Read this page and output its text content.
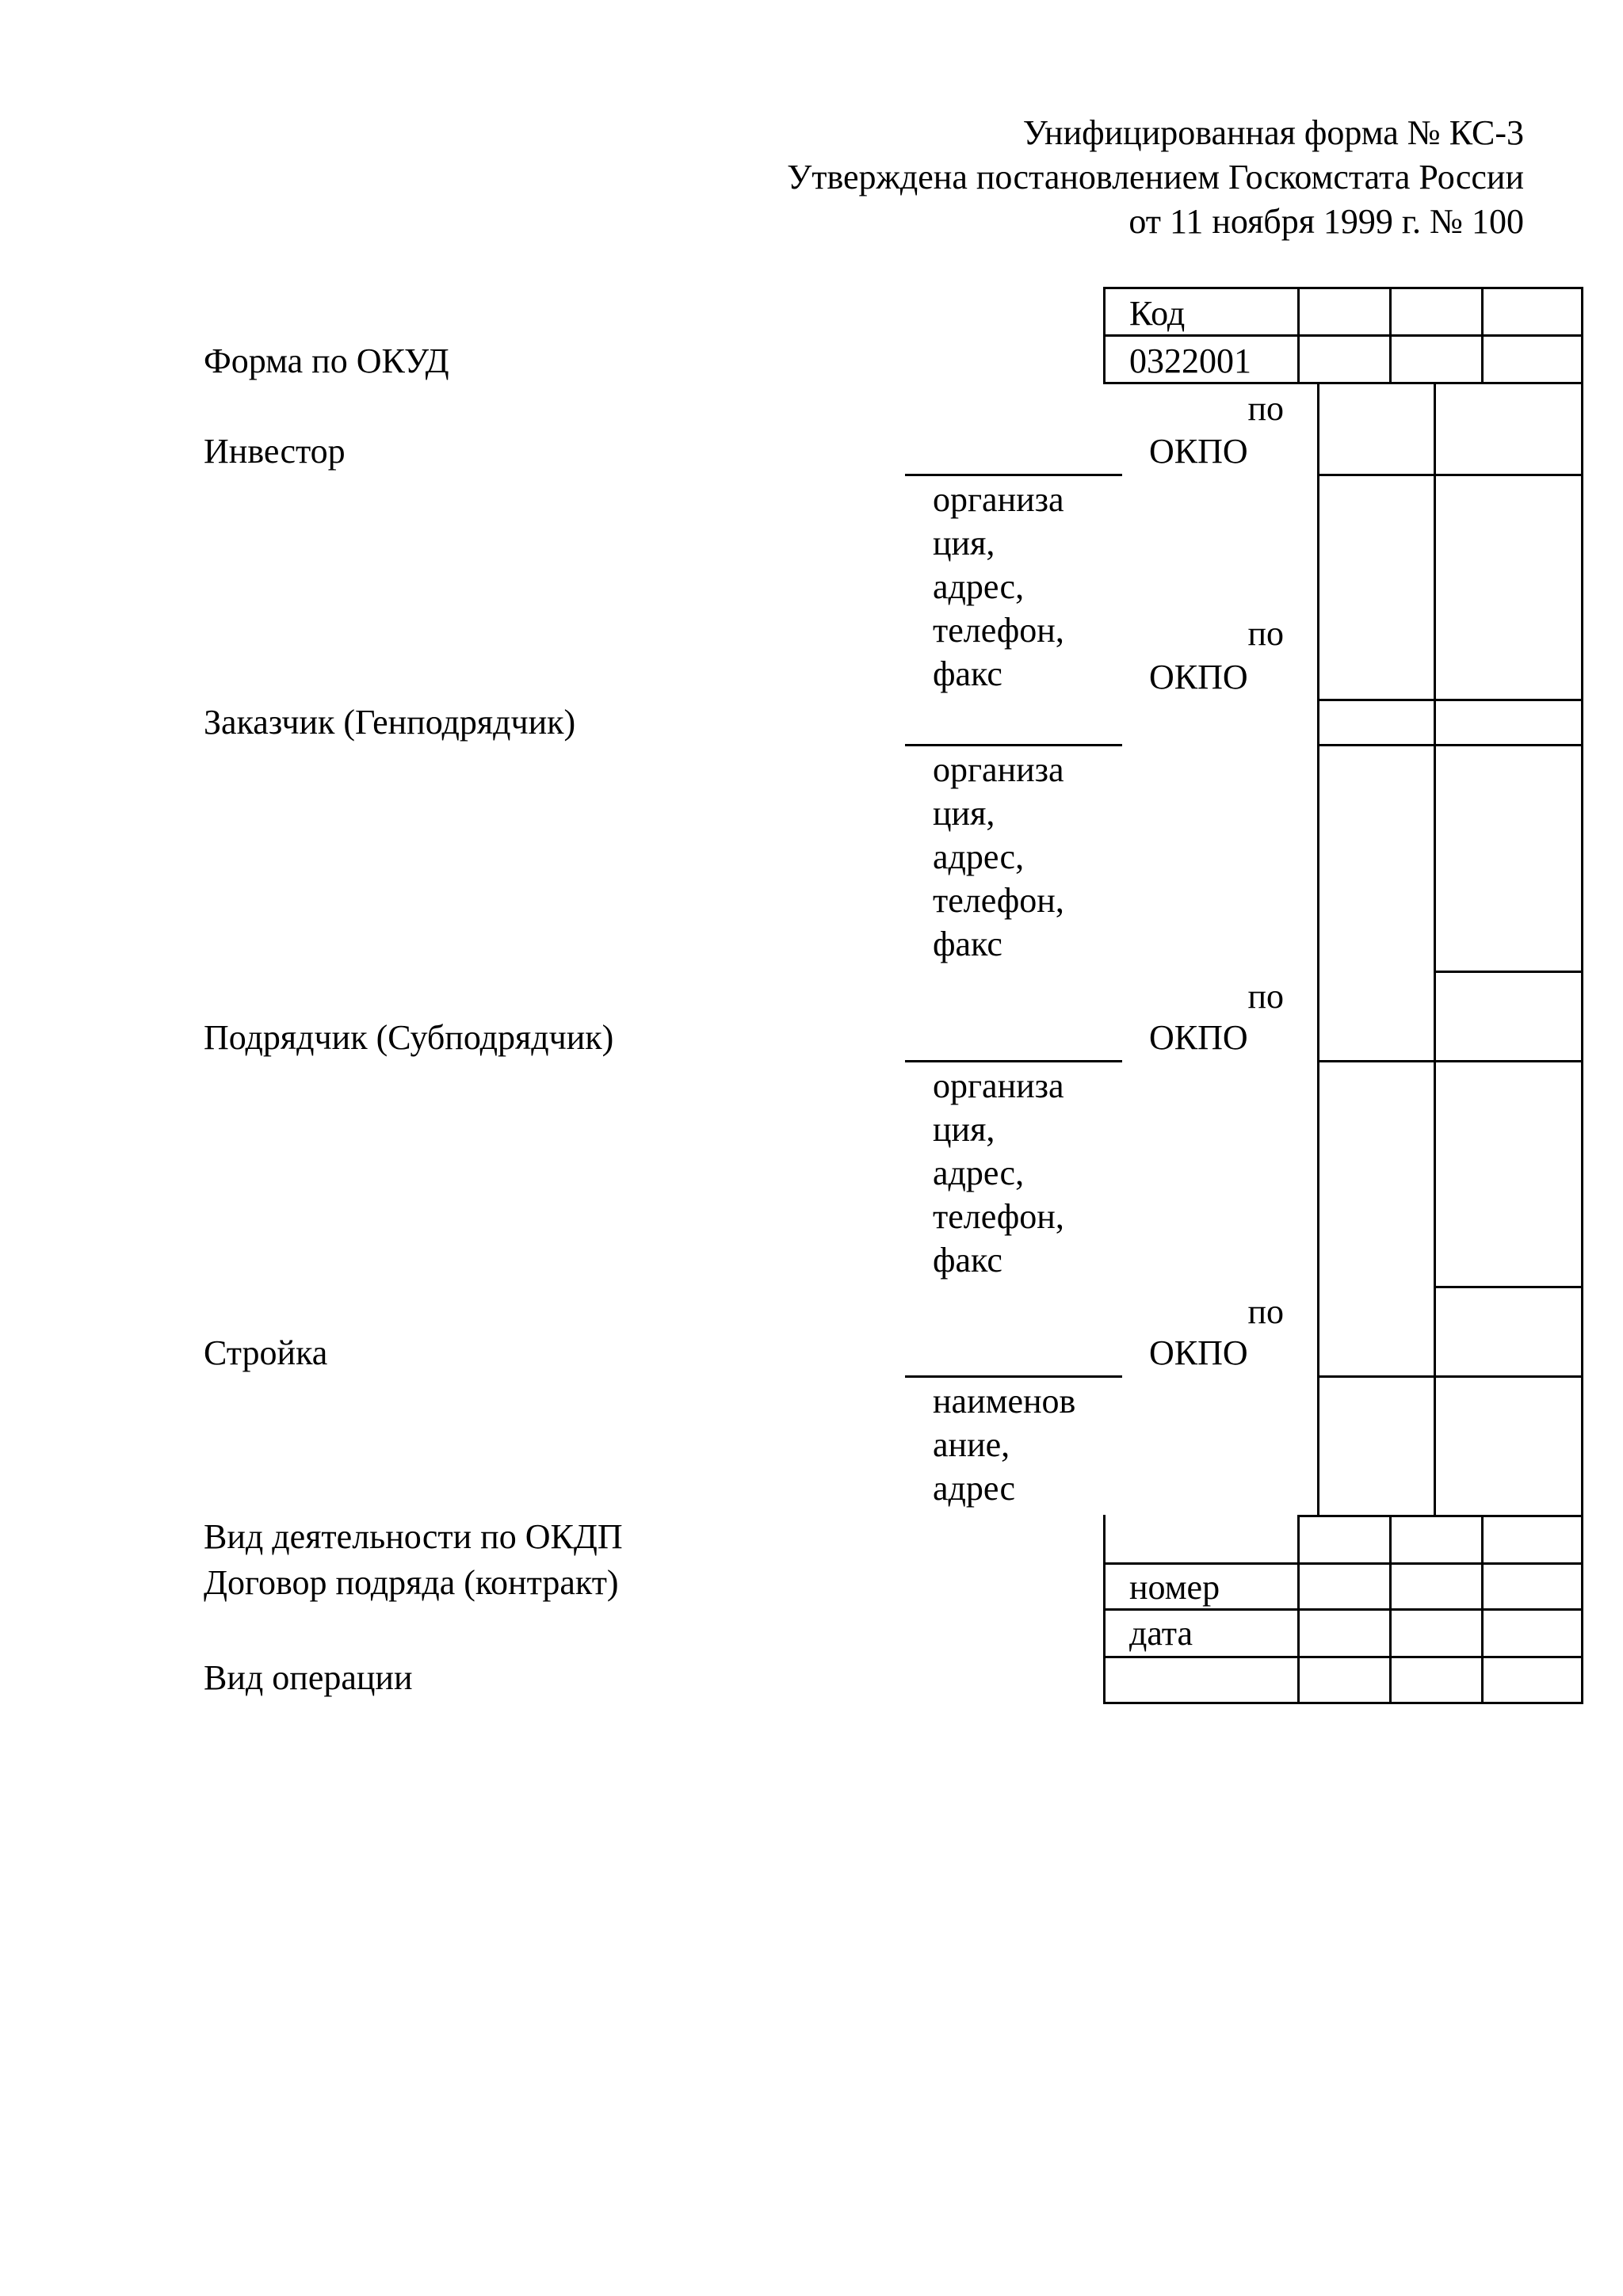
Унифицированная форма № КС-3
Утверждена постановлением Госкомстата России
от 11 ноября 1999 г. № 100
Форма по ОКУД
Инвестор
Заказчик (Генподрядчик)
Подрядчик (Субподрядчик)
Стройка
Вид деятельности по ОКДП
Договор подряда (контракт)
Вид операции
организа
ция,
адрес,
телефон,
факс
организа
ция,
адрес,
телефон,
факс
организа
ция,
адрес,
телефон,
факс
наименов
ание,
адрес
по
ОКПО
по
ОКПО
по
ОКПО
по
ОКПО
Код
0322001
номер
дата
